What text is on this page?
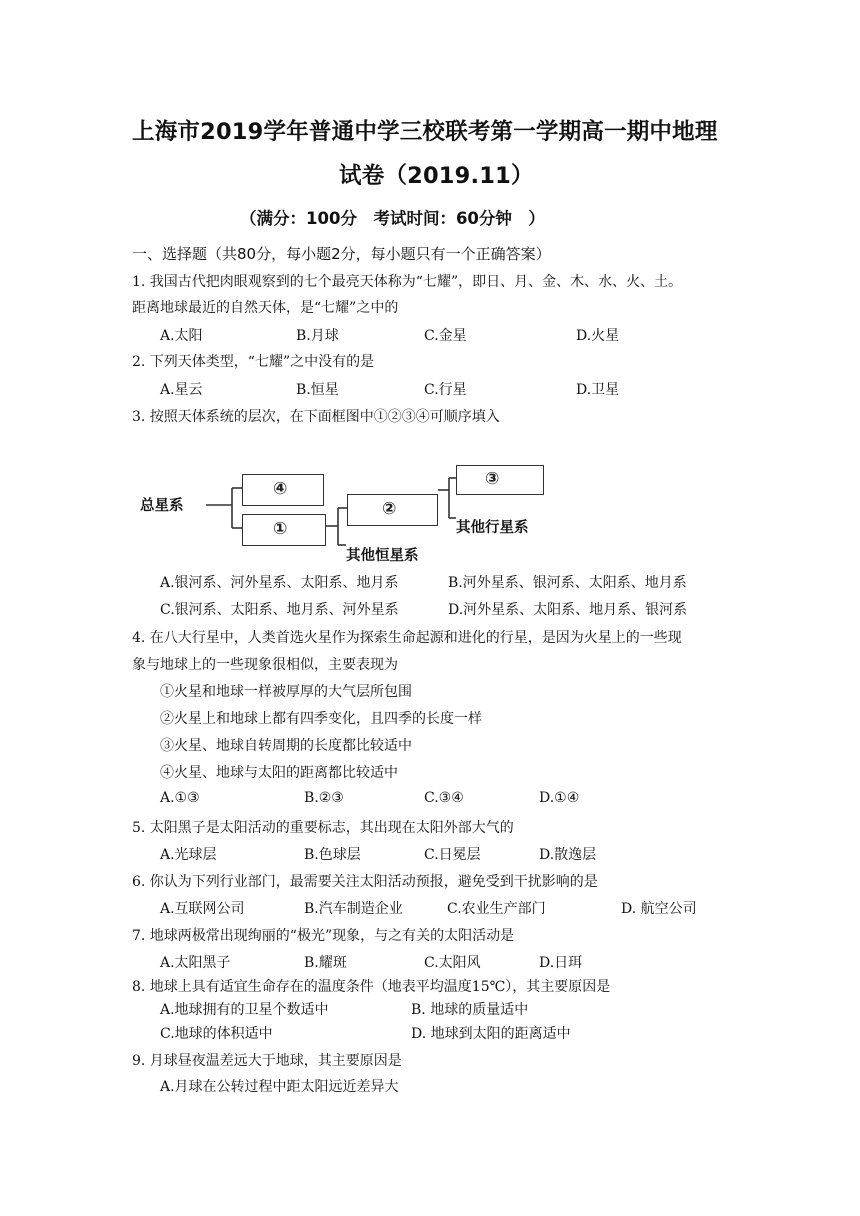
上海市2019学年普通中学三校联考第一学期高一期中地理
试卷（2019.11）
（满分：100分　考试时间：60分钟　）
一、选择题（共80分，每小题2分，每小题只有一个正确答案）
1. 我国古代把肉眼观察到的七个最亮天体称为“七耀”，即日、月、金、木、水、火、土。
距离地球最近的自然天体，是“七耀”之中的
A.太阳	B.月球	C.金星	D.火星
2. 下列天体类型，“七耀”之中没有的是
A.星云	B.恒星	C.行星	D.卫星
3. 按照天体系统的层次，在下面框图中①②③④可顺序填入
总星系
④
①
②
其他恒星系
③
其他行星系
A.银河系、河外星系、太阳系、地月系	B.河外星系、银河系、太阳系、地月系
C.银河系、太阳系、地月系、河外星系	D.河外星系、太阳系、地月系、银河系
4. 在八大行星中，人类首选火星作为探索生命起源和进化的行星，是因为火星上的一些现
象与地球上的一些现象很相似，主要表现为
①火星和地球一样被厚厚的大气层所包围
②火星上和地球上都有四季变化，且四季的长度一样
③火星、地球自转周期的长度都比较适中
④火星、地球与太阳的距离都比较适中
A.①③	B.②③	C.③④	D.①④
5. 太阳黑子是太阳活动的重要标志，其出现在太阳外部大气的
A.光球层	B.色球层	C.日冕层	D.散逸层
6. 你认为下列行业部门，最需要关注太阳活动预报，避免受到干扰影响的是
A.互联网公司	B.汽车制造企业	C.农业生产部门	D. 航空公司
7. 地球两极常出现绚丽的“极光”现象，与之有关的太阳活动是
A.太阳黑子	B.耀斑	C.太阳风	D.日珥
8. 地球上具有适宜生命存在的温度条件（地表平均温度15℃），其主要原因是
A.地球拥有的卫星个数适中	B. 地球的质量适中
C.地球的体积适中	D. 地球到太阳的距离适中
9. 月球昼夜温差远大于地球，其主要原因是
A.月球在公转过程中距太阳远近差异大
